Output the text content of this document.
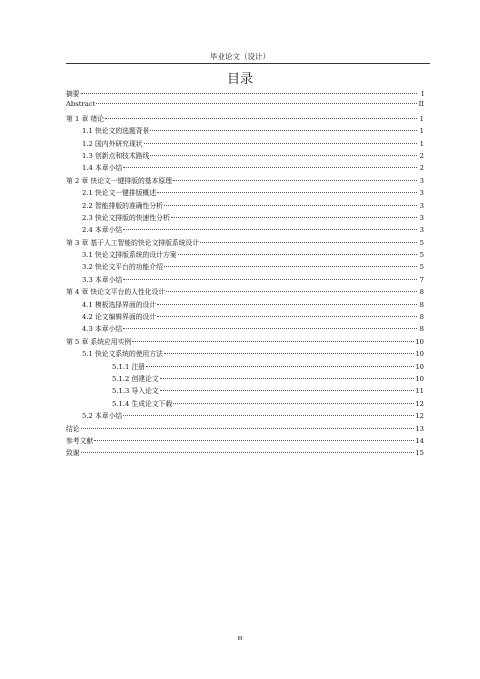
毕业论文（设计）
目录
摘要	I
Abstract	II
第 1 章 绪论	1
1.1 快论文的选题背景	1
1.2 国内外研究现状	1
1.3 创新点和技术路线	2
1.4 本章小结	2
第 2 章 快论文一键排版的基本原理	3
2.1 快论文一键排版概述	3
2.2 智能排版的准确性分析	3
2.3 快论文排版的快速性分析	3
2.4 本章小结	3
第 3 章 基于人工智能的快论文排版系统设计	5
3.1 快论文排版系统的设计方案	5
3.2 快论文平台的功能介绍	5
3.3 本章小结	7
第 4 章 快论文平台的人性化设计	8
4.1 模板选择界面的设计	8
4.2 论文编辑界面的设计	8
4.3 本章小结	8
第 5 章 系统应用实例	10
5.1 快论文系统的使用方法	10
5.1.1 注册	10
5.1.2 创建论文	10
5.1.3 导入论文	11
5.1.4 生成论文下载	12
5.2 本章小结	12
结论	13
参考文献	14
致谢	15
III
